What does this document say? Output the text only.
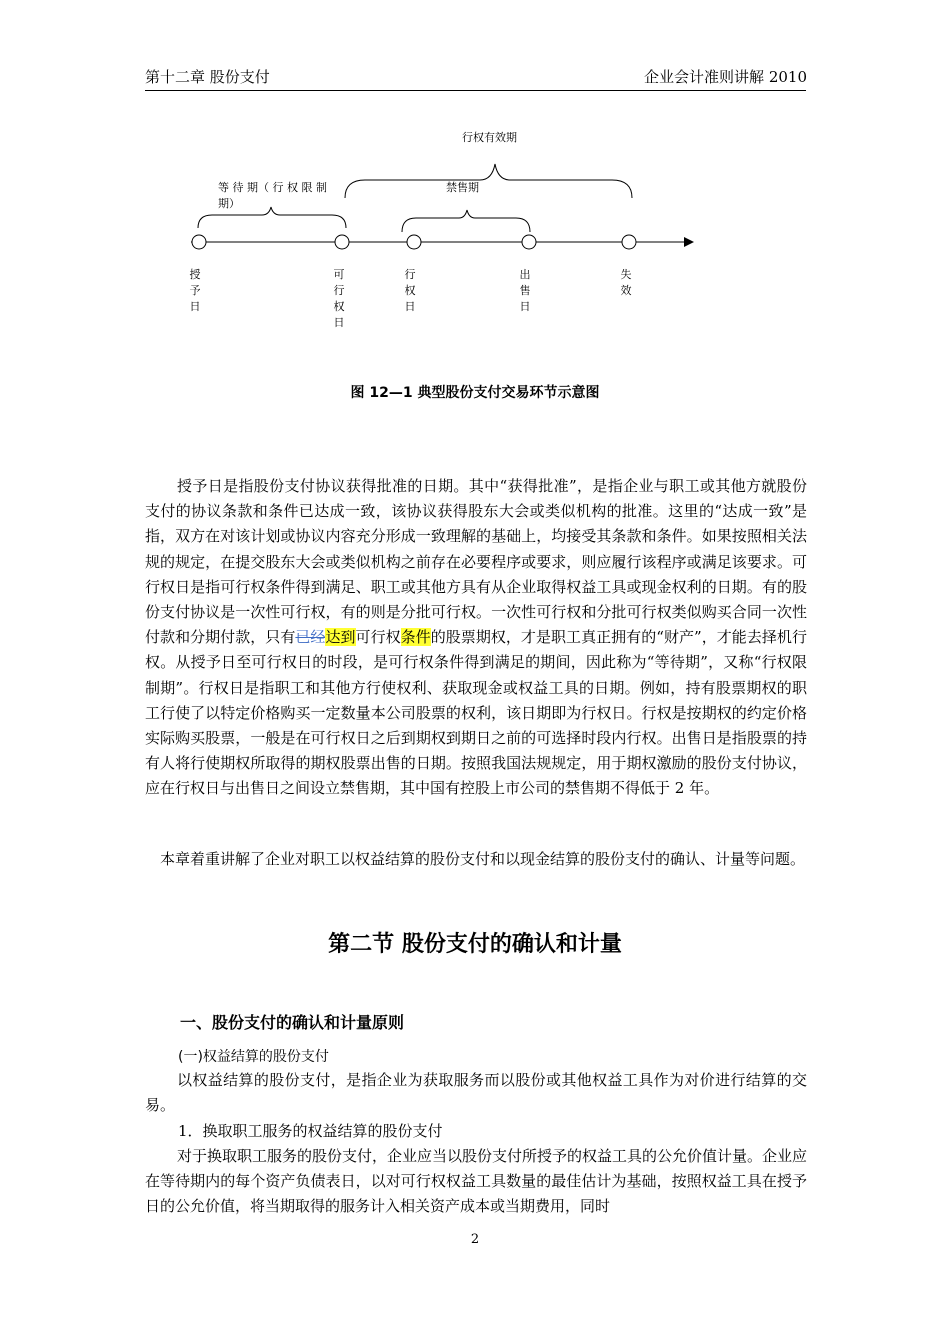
第十二章 股份支付	企业会计准则讲解 2010
行权有效期
等 待 期（ 行 权 限 制 期）
禁售期
授予日
可行权日
行权日
出售日
失效
图 12—1 典型股份支付交易环节示意图
授予日是指股份支付协议获得批准的日期。其中“获得批准”，是指企业与职工或其他方就股份支付的协议条款和条件已达成一致，该协议获得股东大会或类似机构的批准。这里的“达成一致”是指，双方在对该计划或协议内容充分形成一致理解的基础上，均接受其条款和条件。如果按照相关法规的规定，在提交股东大会或类似机构之前存在必要程序或要求，则应履行该程序或满足该要求。可行权日是指可行权条件得到满足、职工或其他方具有从企业取得权益工具或现金权利的日期。有的股份支付协议是一次性可行权，有的则是分批可行权。一次性可行权和分批可行权类似购买合同一次性付款和分期付款，只有已经达到可行权条件的股票期权，才是职工真正拥有的“财产”，才能去择机行权。从授予日至可行权日的时段，是可行权条件得到满足的期间，因此称为“等待期”，又称“行权限制期”。行权日是指职工和其他方行使权利、获取现金或权益工具的日期。例如，持有股票期权的职工行使了以特定价格购买一定数量本公司股票的权利，该日期即为行权日。行权是按期权的约定价格实际购买股票，一般是在可行权日之后到期权到期日之前的可选择时段内行权。出售日是指股票的持有人将行使期权所取得的期权股票出售的日期。按照我国法规规定，用于期权激励的股份支付协议，应在行权日与出售日之间设立禁售期，其中国有控股上市公司的禁售期不得低于 2 年。
本章着重讲解了企业对职工以权益结算的股份支付和以现金结算的股份支付的确认、计量等问题。
第二节 股份支付的确认和计量
一、股份支付的确认和计量原则
(一)权益结算的股份支付
以权益结算的股份支付，是指企业为获取服务而以股份或其他权益工具作为对价进行结算的交易。
1．换取职工服务的权益结算的股份支付
对于换取职工服务的股份支付，企业应当以股份支付所授予的权益工具的公允价值计量。企业应在等待期内的每个资产负债表日，以对可行权权益工具数量的最佳估计为基础，按照权益工具在授予日的公允价值，将当期取得的服务计入相关资产成本或当期费用，同时
2
